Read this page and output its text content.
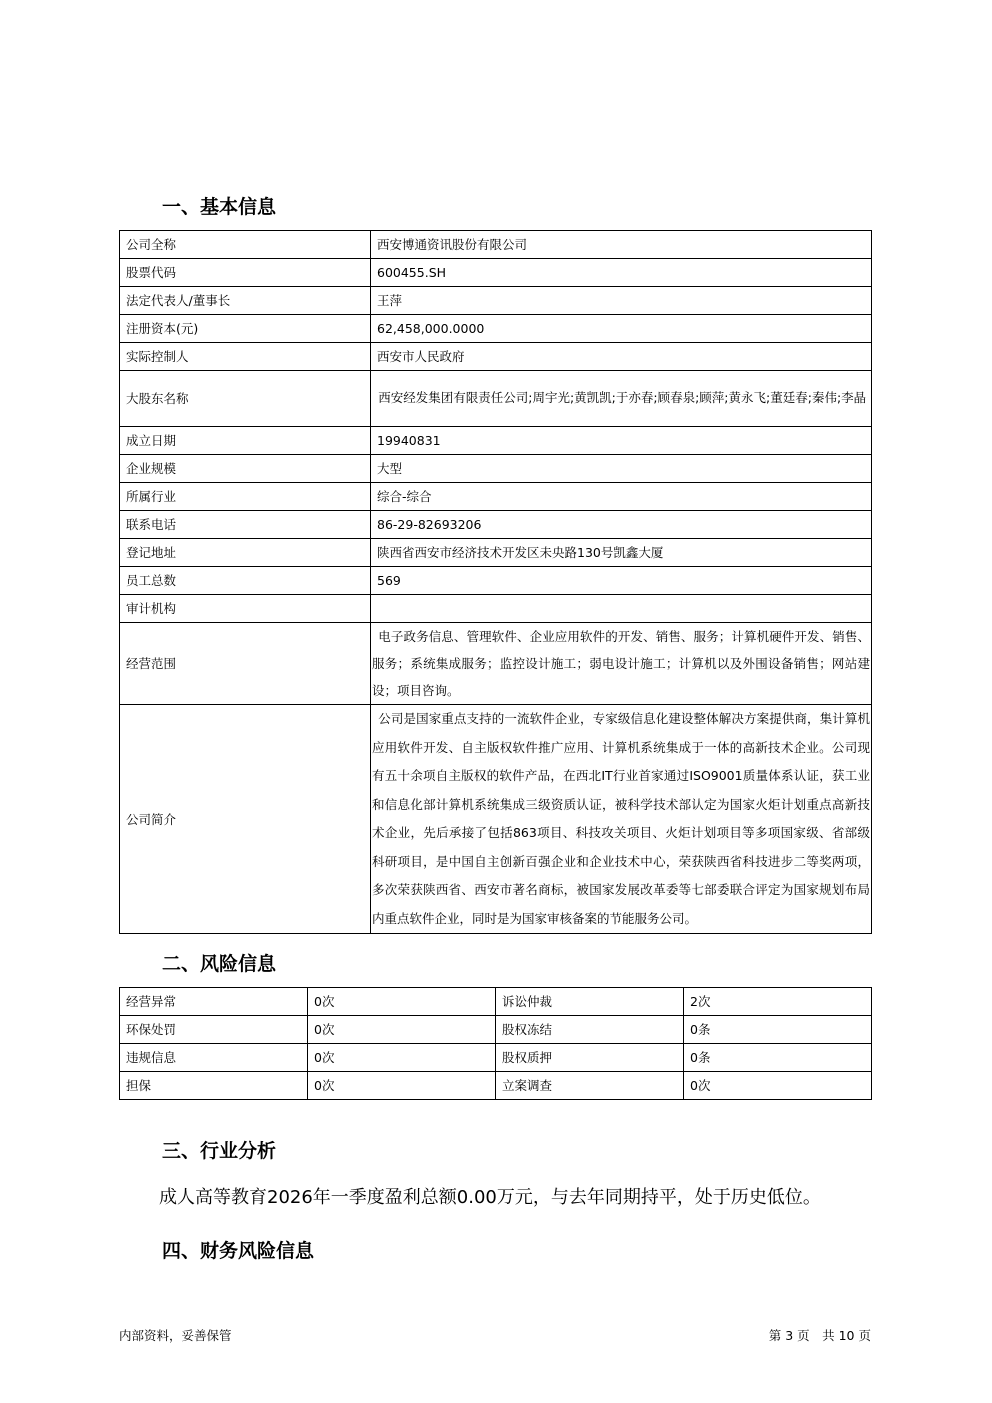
一、基本信息
公司全称	西安博通资讯股份有限公司
股票代码	600455.SH
法定代表人/董事长	王萍
注册资本(元)	62,458,000.0000
实际控制人	西安市人民政府
大股东名称	西安经发集团有限责任公司;周宇光;黄凯凯;于亦春;顾春泉;顾萍;黄永飞;董廷春;秦伟;李晶
成立日期	19940831
企业规模	大型
所属行业	综合-综合
联系电话	86-29-82693206
登记地址	陕西省西安市经济技术开发区未央路130号凯鑫大厦
员工总数	569
审计机构	
经营范围	电子政务信息、管理软件、企业应用软件的开发、销售、服务；计算机硬件开发、销售、服务；系统集成服务；监控设计施工；弱电设计施工；计算机以及外围设备销售；网站建设；项目咨询。
公司简介	公司是国家重点支持的一流软件企业，专家级信息化建设整体解决方案提供商，集计算机应用软件开发、自主版权软件推广应用、计算机系统集成于一体的高新技术企业。公司现有五十余项自主版权的软件产品，在西北IT行业首家通过ISO9001质量体系认证，获工业和信息化部计算机系统集成三级资质认证，被科学技术部认定为国家火炬计划重点高新技术企业，先后承接了包括863项目、科技攻关项目、火炬计划项目等多项国家级、省部级科研项目，是中国自主创新百强企业和企业技术中心，荣获陕西省科技进步二等奖两项，多次荣获陕西省、西安市著名商标，被国家发展改革委等七部委联合评定为国家规划布局内重点软件企业，同时是为国家审核备案的节能服务公司。
二、风险信息
经营异常	0次	诉讼仲裁	2次
环保处罚	0次	股权冻结	0条
违规信息	0次	股权质押	0条
担保	0次	立案调查	0次
三、行业分析

成人高等教育2026年一季度盈利总额0.00万元，与去年同期持平，处于历史低位。

四、财务风险信息

内部资料，妥善保管	第 3 页　共 10 页
